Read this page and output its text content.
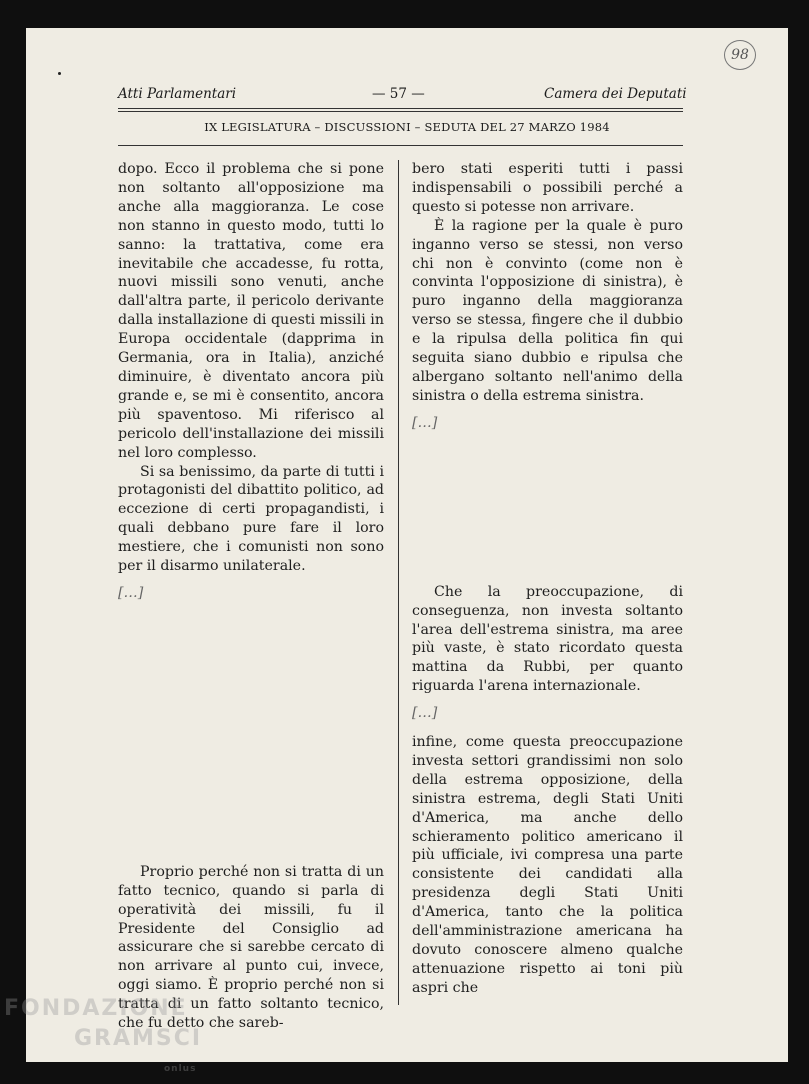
98
Atti Parlamentari	— 57 —	Camera dei Deputati
IX LEGISLATURA – DISCUSSIONI – SEDUTA DEL 27 MARZO 1984

dopo. Ecco il problema che si pone non soltanto all'opposizione ma anche alla maggioranza. Le cose non stanno in questo modo, tutti lo sanno: la trattativa, come era inevitabile che accadesse, fu rotta, nuovi missili sono venuti, anche dall'altra parte, il pericolo derivante dalla installazione di questi missili in Europa occidentale (dapprima in Germania, ora in Italia), anziché diminuire, è diventato ancora più grande e, se mi è consentito, ancora più spaventoso. Mi riferisco al pericolo dell'installazione dei missili nel loro complesso.

Si sa benissimo, da parte di tutti i protagonisti del dibattito politico, ad eccezione di certi propagandisti, i quali debbano pure fare il loro mestiere, che i comunisti non sono per il disarmo unilaterale.

[…]

Proprio perché non si tratta di un fatto tecnico, quando si parla di operatività dei missili, fu il Presidente del Consiglio ad assicurare che si sarebbe cercato di non arrivare al punto cui, invece, oggi siamo. È proprio perché non si tratta di un fatto soltanto tecnico, che fu detto che sareb-

bero stati esperiti tutti i passi indispensabili o possibili perché a questo si potesse non arrivare.

È la ragione per la quale è puro inganno verso se stessi, non verso chi non è convinto (come non è convinta l'opposizione di sinistra), è puro inganno della maggioranza verso se stessa, fingere che il dubbio e la ripulsa della politica fin qui seguita siano dubbio e ripulsa che albergano soltanto nell'animo della sinistra o della estrema sinistra.

[…]

Che la preoccupazione, di conseguenza, non investa soltanto l'area dell'estrema sinistra, ma aree più vaste, è stato ricordato questa mattina da Rubbi, per quanto riguarda l'arena internazionale.

[…]

infine, come questa preoccupazione investa settori grandissimi non solo della estrema opposizione, della sinistra estrema, degli Stati Uniti d'America, ma anche dello schieramento politico americano il più ufficiale, ivi compresa una parte consistente dei candidati alla presidenza degli Stati Uniti d'America, tanto che la politica dell'amministrazione americana ha dovuto conoscere almeno qualche attenuazione rispetto ai toni più aspri che

FONDAZIONE
GRAMSCI
onlus
